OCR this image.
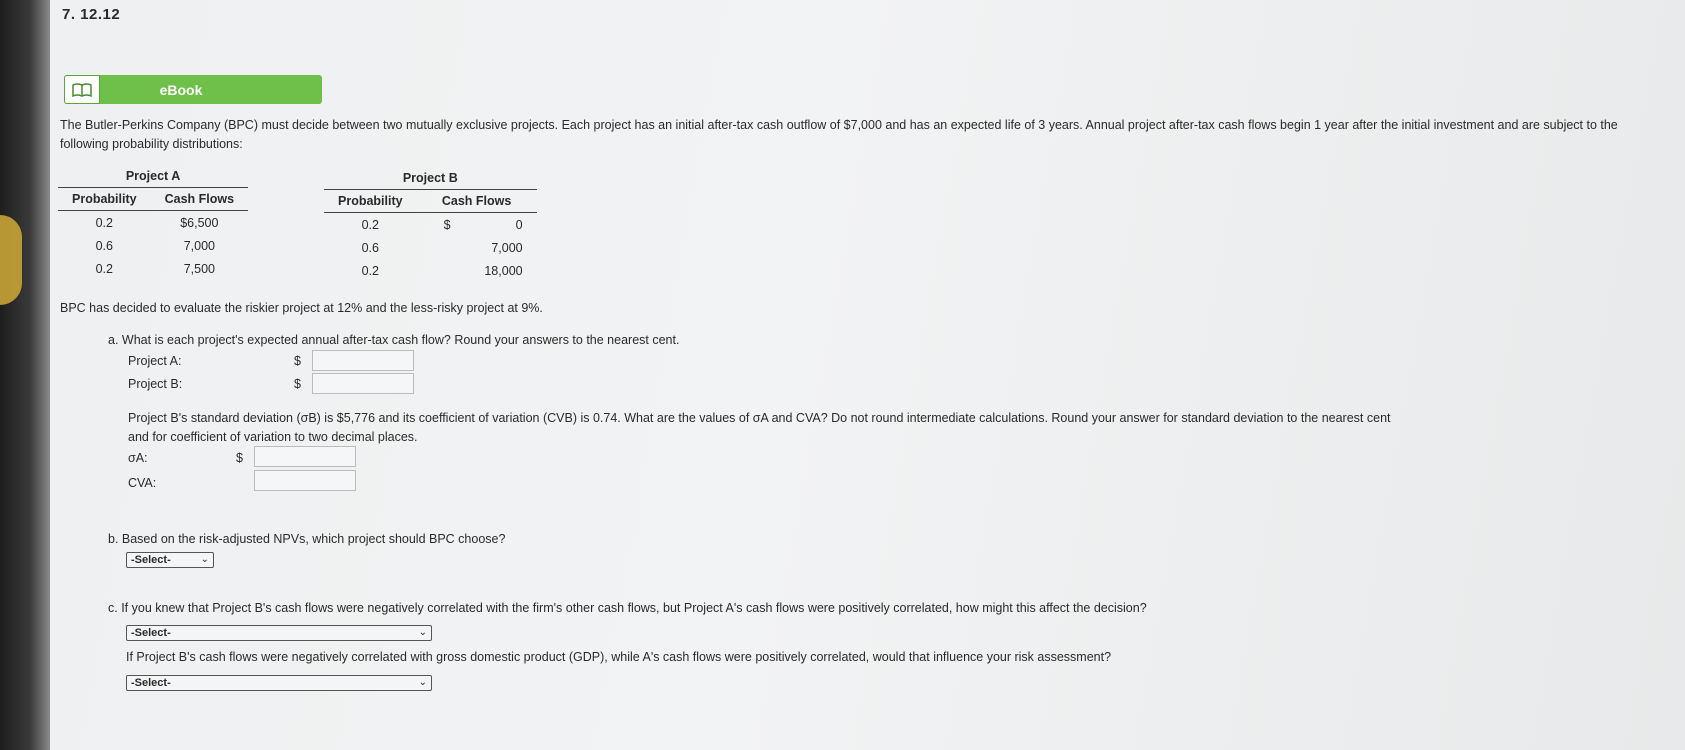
7. 12.12
eBook
The Butler-Perkins Company (BPC) must decide between two mutually exclusive projects. Each project has an initial after-tax cash outflow of $7,000 and has an expected life of 3 years. Annual project after-tax cash flows begin 1 year after the initial investment and are subject to the following probability distributions:
Project A	
Probability	Cash Flows
0.2	$6,500
0.6	7,000
0.2	7,500
Project B		
Probability	Cash Flows	
0.2	$	0
0.6		7,000
0.2		18,000
BPC has decided to evaluate the riskier project at 12% and the less-risky project at 9%.
a. What is each project's expected annual after-tax cash flow? Round your answers to the nearest cent.
Project A:	$
Project B:	$
Project B's standard deviation (σB) is $5,776 and its coefficient of variation (CVB) is 0.74. What are the values of σA and CVA? Do not round intermediate calculations. Round your answer for standard deviation to the nearest cent
and for coefficient of variation to two decimal places.
σA:	$
CVA:
b. Based on the risk-adjusted NPVs, which project should BPC choose?
-Select-	⌄
c. If you knew that Project B's cash flows were negatively correlated with the firm's other cash flows, but Project A's cash flows were positively correlated, how might this affect the decision?
-Select-	⌄
If Project B's cash flows were negatively correlated with gross domestic product (GDP), while A's cash flows were positively correlated, would that influence your risk assessment?
-Select-	⌄
